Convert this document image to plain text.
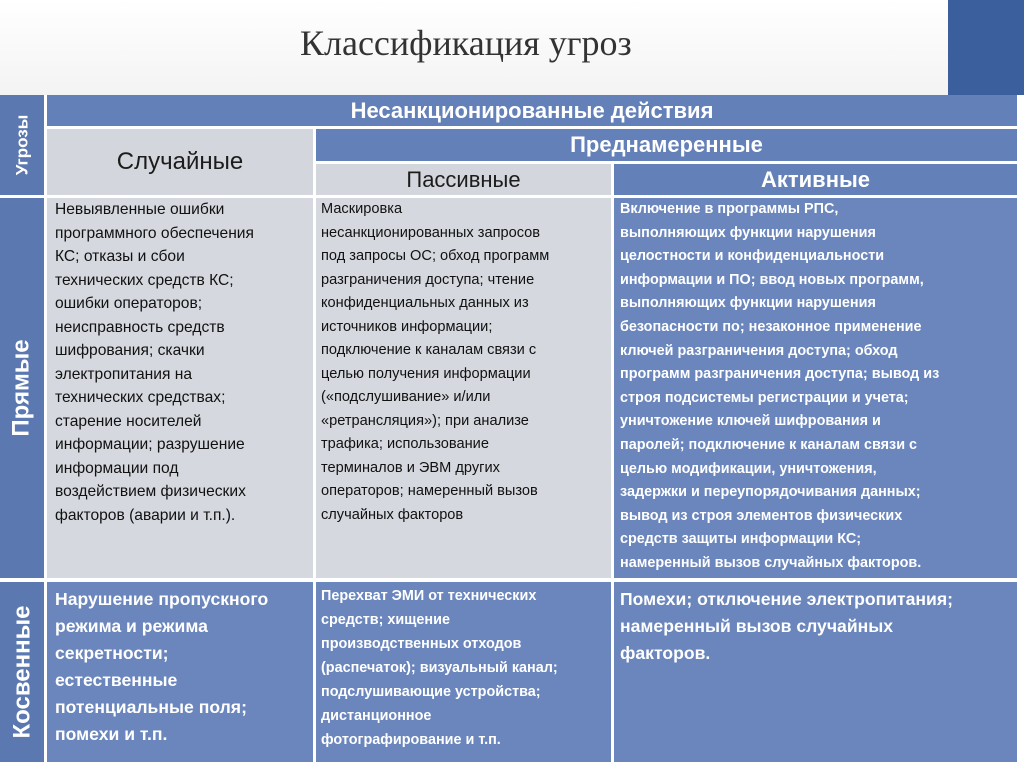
Классификация угроз
Угрозы
Прямые
Косвенные
Несанкционированные действия
Случайные
Преднамеренные
Пассивные	Активные
Невыявленные ошибки
программного обеспечения
КС; отказы и сбои
технических средств КС;
ошибки операторов;
неисправность средств
шифрования; скачки
электропитания на
технических средствах;
старение носителей
информации; разрушение
информации под
воздействием физических
факторов (аварии и т.п.).
Маскировка
несанкционированных запросов
под запросы ОС; обход программ
разграничения доступа; чтение
конфиденциальных данных из
источников информации;
подключение к каналам связи с
целью получения информации
(«подслушивание» и/или
«ретрансляция»); при анализе
трафика; использование
терминалов и ЭВМ других
операторов; намеренный вызов
случайных факторов
Включение в программы РПС,
выполняющих функции нарушения
целостности и конфиденциальности
информации и ПО; ввод новых программ,
выполняющих функции нарушения
безопасности по; незаконное применение
ключей разграничения доступа; обход
программ разграничения доступа; вывод из
строя подсистемы регистрации и учета;
уничтожение ключей шифрования и
паролей; подключение к каналам связи с
целью модификации, уничтожения,
задержки и переупорядочивания данных;
вывод из строя элементов физических
средств защиты информации КС;
намеренный вызов случайных факторов.
Нарушение пропускного
режима и режима
секретности;
естественные
потенциальные поля;
помехи и т.п.
Перехват ЭМИ от технических
средств; хищение
производственных отходов
(распечаток); визуальный канал;
подслушивающие устройства;
дистанционное
фотографирование и т.п.
Помехи; отключение электропитания;
намеренный вызов случайных
факторов.
